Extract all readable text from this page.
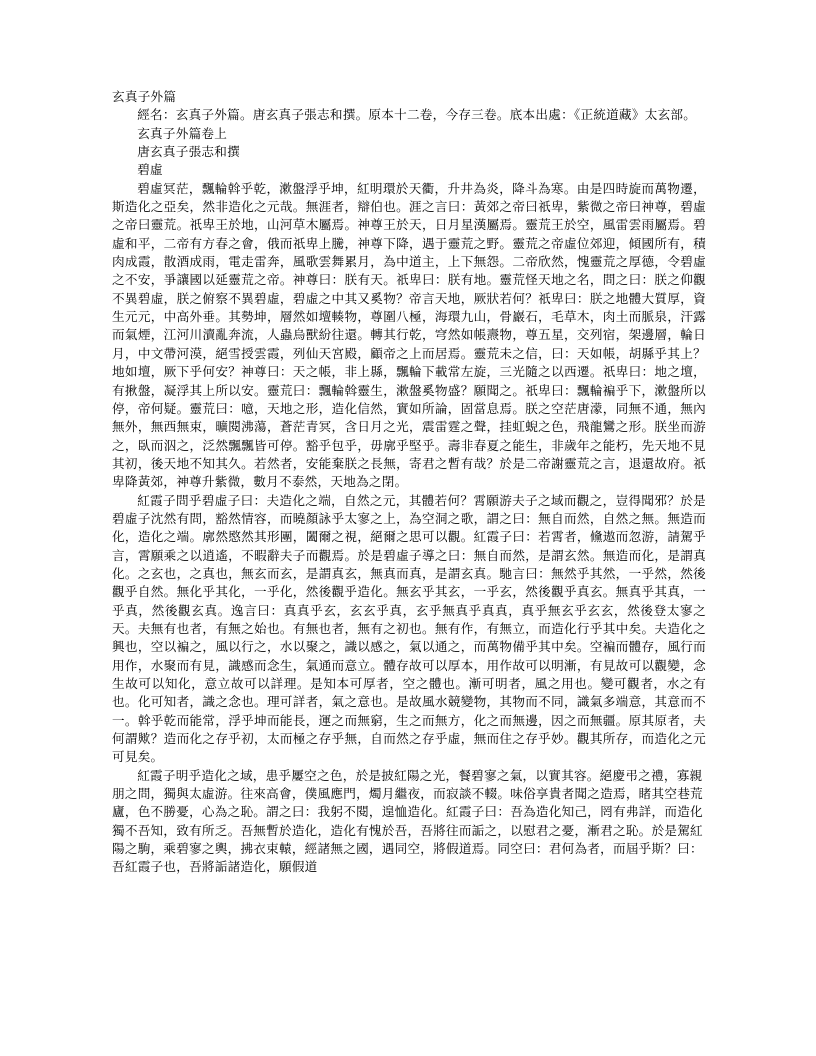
玄真子外篇
經名：玄真子外篇。唐玄真子張志和撰。原本十二卷，今存三卷。底本出處：《正統道藏》太玄部。
玄真子外篇卷上
唐玄真子張志和撰
碧虛
碧虛冥茫，飄輪斡乎乾，漱盤浮乎坤，紅明環於天衢，升井為炎，降斗為寒。由是四時旋而萬物遷，斯造化之亞矣，然非造化之元哉。無涯者，辯伯也。涯之言曰：黃郊之帝曰祇卑，紫微之帝曰神尊，碧虛之帝曰靈荒。祇卑王於地，山河草木屬焉。神尊王於天，日月星漢屬焉。靈荒王於空，風雷雲雨屬焉。碧虛和平，二帝有方春之會，俄而祇卑上騰，神尊下降，遇于靈荒之野。靈荒之帝虛位郊迎，傾國所有，積肉成霞，散酒成雨，電走雷奔，風歌雲舞累月，為中道主，上下無怨。二帝欣然，愧靈荒之厚德，令碧虛之不安，爭讓國以延靈荒之帝。神尊曰：朕有天。祇卑曰：朕有地。靈荒怪天地之名，問之曰：朕之仰觀不異碧虛，朕之俯察不異碧虛，碧虛之中其又奚物？帝言天地，厥狀若何？祇卑曰：朕之地體大質厚，資生元元，中高外垂。其勢坤，層然如壇輳物，尊圍八極，海環九山，骨巖石，毛草木，肉土而脈泉，汗露而氣煙，江河川瀆亂奔流，人蟲烏獸紛往還。轉其行乾，穹然如帳燾物，尊五星，交列宿，架邊層，輪日月，中文帶河漠，絕雪授雲霞，列仙天宮殿，顧帝之上而居焉。靈荒未之信，曰：天如帳，胡縣乎其上？地如壇，厥下乎何安？神尊曰：天之帳，非上縣，飄輪下載常左旋，三光隨之以西遷。祇卑曰：地之壇，有揪盤，凝浮其上所以安。靈荒曰：飄輪斡靈生，漱盤奚物盛？願聞之。祇卑曰：飄輪褊乎下，漱盤所以停，帝何疑。靈荒曰：噫，天地之形，造化信然，實如所論，固當息焉。朕之空茫唐濛，同無不通，無內無外，無西無束，曠閱沸蕩，蒼茫青冥，含日月之光，震雷霆之聲，挂虹蜺之色，飛龍鸞之形。朕坐而游之，臥而泅之，泛然飄飄皆可停。豁乎包乎，毋廓乎堅乎。壽非春夏之能生，非歲年之能朽，先天地不見其初，後天地不知其久。若然者，安能棄朕之長無，寄君之暫有哉？於是二帝謝靈荒之言，退還故府。祇卑降黃郊，神尊升紫微，數月不泰然，天地為之閉。
紅霞子問乎碧虛子曰：夫造化之端，自然之元，其體若何？霄願游夫子之域而觀之，豈得聞邪？於是碧虛子沈然有問，豁然情容，而曉顏詠乎太寥之上，為空洞之歌，謂之曰：無自而然，自然之無。無造而化，造化之端。廓然愍然其形團，闔爾之視，絕爾之思可以觀。紅霞子曰：若霄者，儵遨而忽游，請駕乎言，霄願乘之以逍遙，不暇辭夫子而觀焉。於是碧虛子導之曰：無自而然，是謂玄然。無造而化，是謂真化。之玄也，之真也，無玄而玄，是謂真玄，無真而真，是謂玄真。馳言曰：無然乎其然，一乎然，然後觀乎自然。無化乎其化，一乎化，然後觀乎造化。無玄乎其玄，一乎玄，然後觀乎真玄。無真乎其真，一乎真，然後觀玄真。逸言曰：真真乎玄，玄玄乎真，玄乎無真乎真真，真乎無玄乎玄玄，然後登太寥之天。夫無有也者，有無之始也。有無也者，無有之初也。無有作，有無立，而造化行乎其中矣。夫造化之興也，空以褊之，風以行之，水以聚之，識以感之，氣以通之，而萬物備乎其中矣。空褊而體存，風行而用作，水聚而有見，識感而念生，氣通而意立。體存故可以厚本，用作故可以明漸，有見故可以觀變，念生故可以知化，意立故可以詳理。是知本可厚者，空之體也。漸可明者，風之用也。變可觀者，水之有也。化可知者，識之念也。理可詳者，氣之意也。是故風水競變物，其物而不同，識氣多端意，其意而不一。斡乎乾而能常，浮乎坤而能長，運之而無窮，生之而無方，化之而無邊，因之而無疆。原其原者，夫何謂歟？造而化之存乎初，太而極之存乎無，自而然之存乎虛，無而住之存乎妙。觀其所存，而造化之元可見矣。
紅霞子明乎造化之域，患乎屢空之色，於是披紅陽之光，餐碧寥之氣，以實其容。絕慶弔之禮，寡親朋之問，獨與太虛游。往來高會，僕風應門，燭月繼夜，而寂談不輟。味俗享貴者聞之造焉，睹其空巷荒廬，色不勝憂，心為之恥。謂之曰：我躬不閱，遑恤造化。紅霞子曰：吾為造化知己，罔有弗詳，而造化獨不吾知，致有所乏。吾無暫於造化，造化有愧於吾，吾將往而詬之，以慰君之憂，漸君之恥。於是駕紅陽之駒，乘碧寥之輿，拂衣束轅，經諸無之國，遇同空，將假道焉。同空曰：君何為者，而屆乎斯？曰：吾紅霞子也，吾將詬諸造化，願假道
